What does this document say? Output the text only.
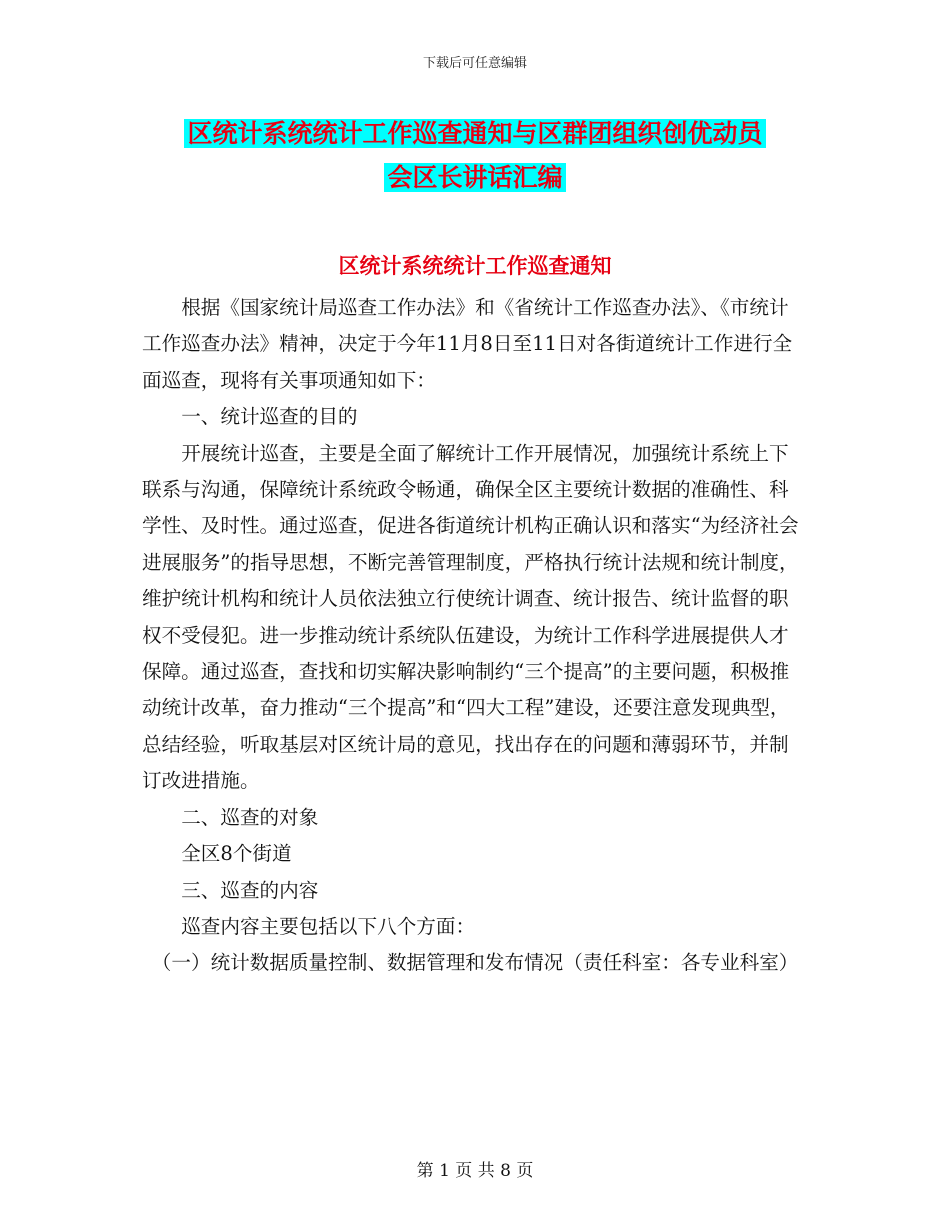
下载后可任意编辑
区统计系统统计工作巡查通知与区群团组织创优动员
会区长讲话汇编
区统计系统统计工作巡查通知

根据《国家统计局巡查工作办法》和《省统计工作巡查办法》、《市统计工作巡查办法》精神，决定于今年11月8日至11日对各街道统计工作进行全面巡查，现将有关事项通知如下：

一、统计巡查的目的

开展统计巡查，主要是全面了解统计工作开展情况，加强统计系统上下联系与沟通，保障统计系统政令畅通，确保全区主要统计数据的准确性、科学性、及时性。通过巡查，促进各街道统计机构正确认识和落实“为经济社会进展服务”的指导思想，不断完善管理制度，严格执行统计法规和统计制度，维护统计机构和统计人员依法独立行使统计调查、统计报告、统计监督的职权不受侵犯。进一步推动统计系统队伍建设，为统计工作科学进展提供人才保障。通过巡查，查找和切实解决影响制约“三个提高”的主要问题，积极推动统计改革，奋力推动“三个提高”和“四大工程”建设，还要注意发现典型，总结经验，听取基层对区统计局的意见，找出存在的问题和薄弱环节，并制订改进措施。

二、巡查的对象

全区8个街道

三、巡查的内容

巡查内容主要包括以下八个方面：

（一）统计数据质量控制、数据管理和发布情况（责任科室：各专业科室）

第 1 页 共 8 页
